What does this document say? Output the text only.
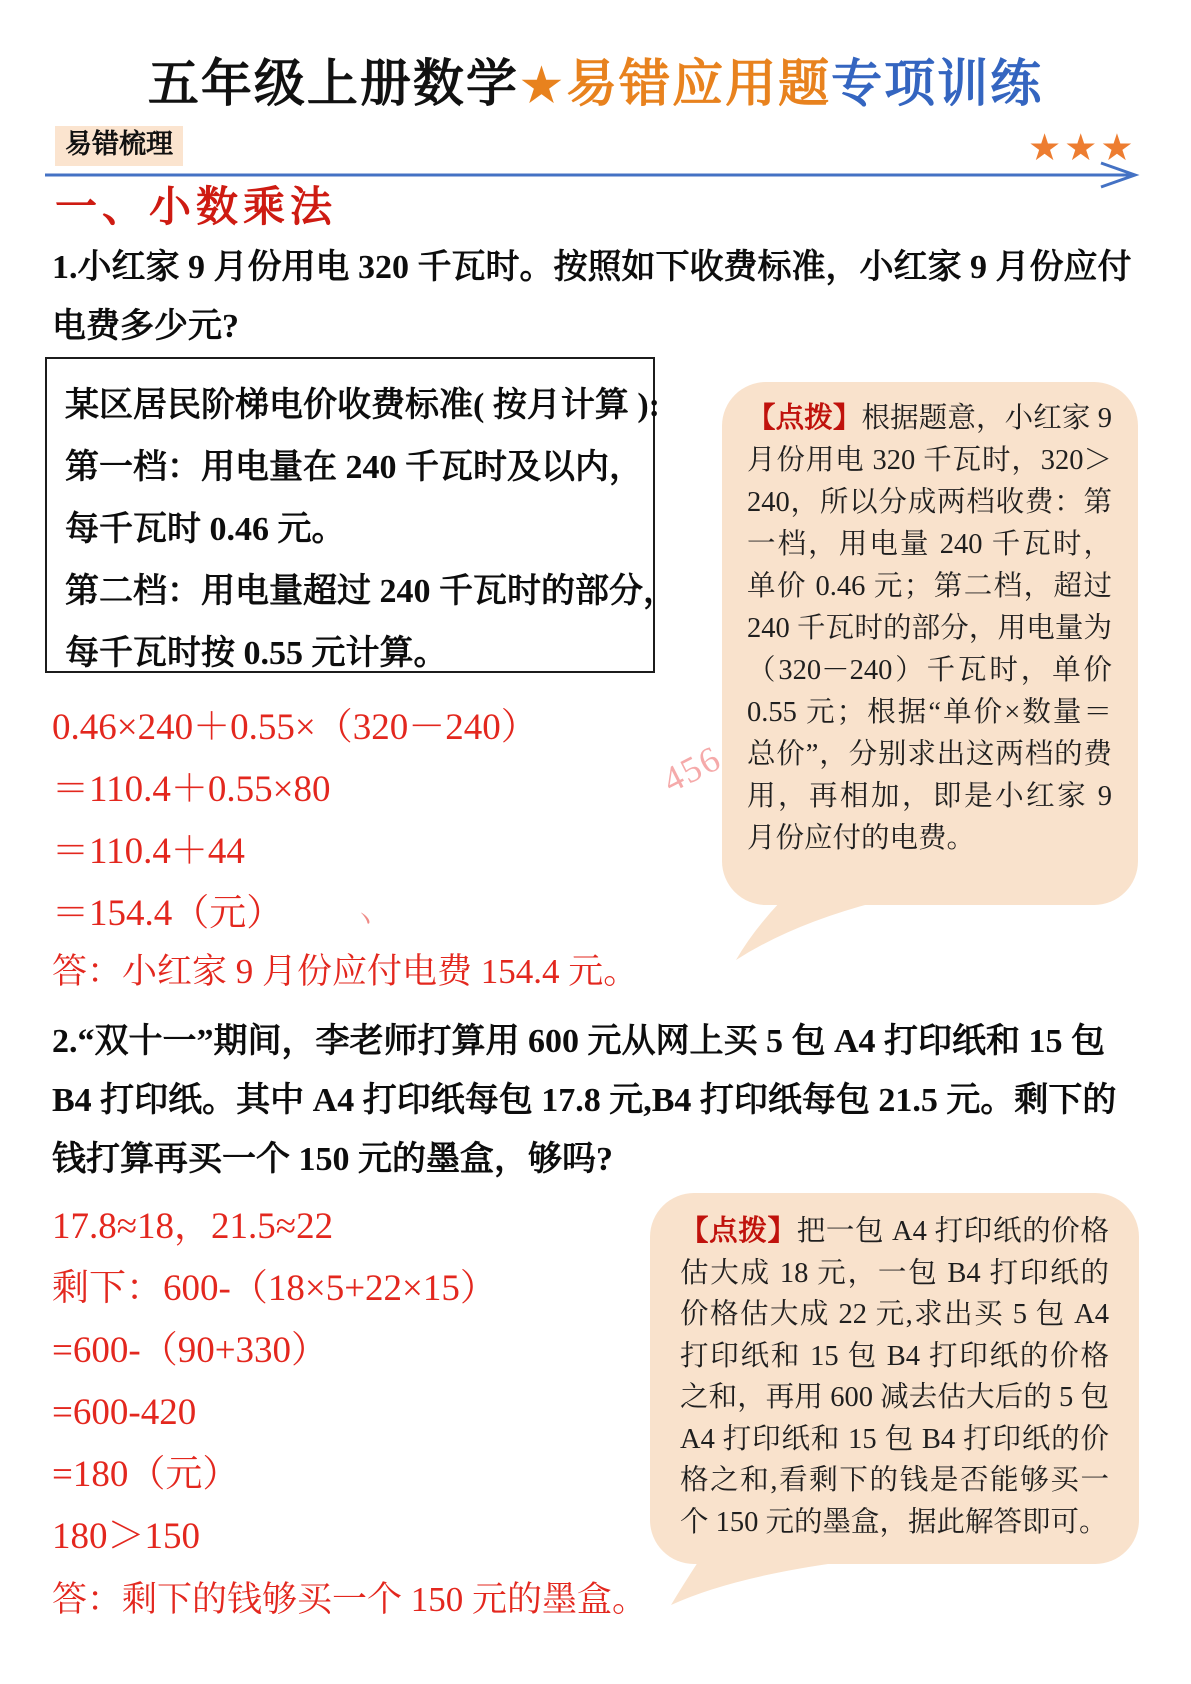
五年级上册数学★易错应用题专项训练
易错梳理	★★★
一、小数乘法

1.小红家 9 月份用电 320 千瓦时。按照如下收费标准，小红家 9 月份应付电费多少元?

某区居民阶梯电价收费标准( 按月计算 ):
第一档：用电量在 240 千瓦时及以内，
每千瓦时 0.46 元。
第二档：用电量超过 240 千瓦时的部分，
每千瓦时按 0.55 元计算。
0.46×240＋0.55×（320－240）
＝110.4＋0.55×80
＝110.4＋44
＝154.4（元）

答：小红家 9 月份应付电费 154.4 元。

【点拨】根据题意，小红家 9 月份用电 320 千瓦时，320＞240，所以分成两档收费：第一档，用电量 240 千瓦时，单价 0.46 元；第二档，超过 240 千瓦时的部分，用电量为（320－240）千瓦时，单价 0.55 元；根据“单价×数量＝总价”，分别求出这两档的费用，再相加，即是小红家 9 月份应付的电费。

2.“双十一”期间，李老师打算用 600 元从网上买 5 包 A4 打印纸和 15 包 B4 打印纸。其中 A4 打印纸每包 17.8 元,B4 打印纸每包 21.5 元。剩下的钱打算再买一个 150 元的墨盒，够吗?

17.8≈18，21.5≈22
剩下：600-（18×5+22×15）
=600-（90+330）
=600-420
=180（元）
180＞150

答：剩下的钱够买一个 150 元的墨盒。

【点拨】把一包 A4 打印纸的价格估大成 18 元，一包 B4 打印纸的价格估大成 22 元,求出买 5 包 A4 打印纸和 15 包 B4 打印纸的价格之和，再用 600 减去估大后的 5 包 A4 打印纸和 15 包 B4 打印纸的价格之和,看剩下的钱是否能够买一个 150 元的墨盒，据此解答即可。
456
丶
